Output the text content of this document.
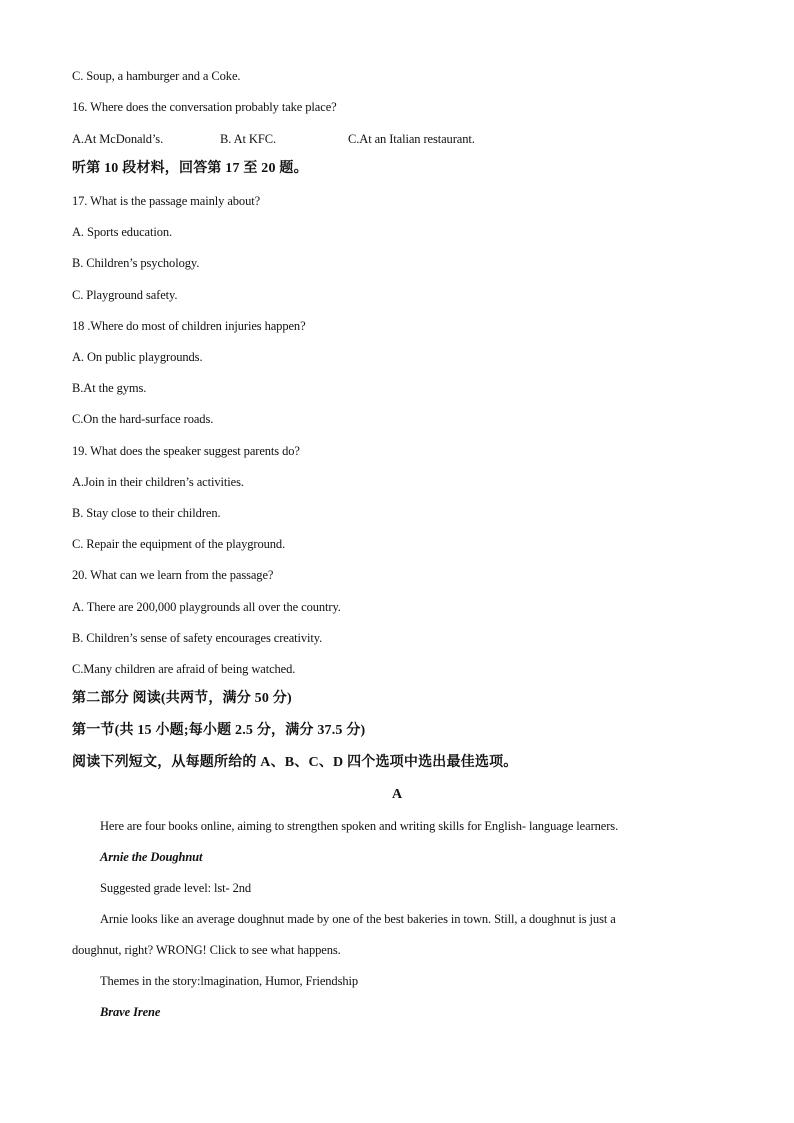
C. Soup, a hamburger and a Coke.
16. Where does the conversation probably take place?
A.At McDonald’s.	B. At KFC.	C.At an Italian restaurant.
听第 10 段材料，回答第 17 至 20 题。
17. What is the passage mainly about?
A. Sports education.
B. Children’s psychology.
C. Playground safety.
18 .Where do most of children injuries happen?
A. On public playgrounds.
B.At the gyms.
C.On the hard-surface roads.
19. What does the speaker suggest parents do?
A.Join in their children’s activities.
B. Stay close to their children.
C. Repair the equipment of the playground.
20. What can we learn from the passage?
A. There are 200,000 playgrounds all over the country.
B. Children’s sense of safety encourages creativity.
C.Many children are afraid of being watched.
第二部分 阅读(共两节，满分 50 分)
第一节(共 15 小题;每小题 2.5 分，满分 37.5 分)
阅读下列短文，从每题所给的 A、B、C、D 四个选项中选出最佳选项。
A
Here are four books online, aiming to strengthen spoken and writing skills for English- language learners.
Arnie the Doughnut
Suggested grade level: lst- 2nd
Arnie looks like an average doughnut made by one of the best bakeries in town. Still, a doughnut is just a
doughnut, right? WRONG! Click to see what happens.
Themes in the story:lmagination, Humor, Friendship
Brave Irene
